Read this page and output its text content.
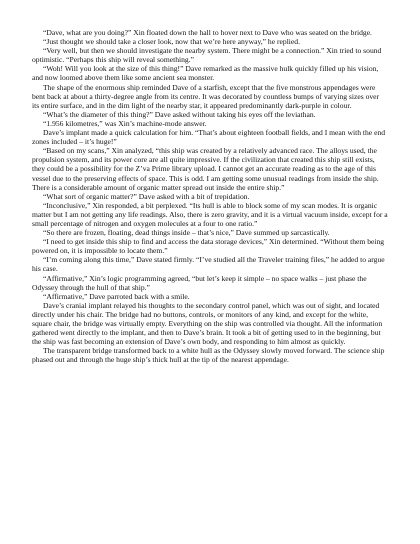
“Dave, what are you doing?” Xin floated down the hall to hover next to Dave who was seated on the bridge.

“Just thought we should take a closer look, now that we’re here anyway,” he replied.

“Very well, but then we should investigate the nearby system. There might be a connection.” Xin tried to sound optimistic. “Perhaps this ship will reveal something.”

“Woh! Will you look at the size of this thing!” Dave remarked as the massive hulk quickly filled up his vision, and now loomed above them like some ancient sea monster.

The shape of the enormous ship reminded Dave of a starfish, except that the five monstrous appendages were bent back at about a thirty-degree angle from its centre. It was decorated by countless bumps of varying sizes over its entire surface, and in the dim light of the nearby star, it appeared predominantly dark-purple in colour.

“What’s the diameter of this thing?” Dave asked without taking his eyes off the leviathan.

“1.956 kilometres,” was Xin’s machine-mode answer.

Dave’s implant made a quick calculation for him. “That’s about eighteen football fields, and I mean with the end zones included – it’s huge!”

“Based on my scans,” Xin analyzed, “this ship was created by a relatively advanced race. The alloys used, the propulsion system, and its power core are all quite impressive. If the civilization that created this ship still exists, they could be a possibility for the Z’va Prime library upload. I cannot get an accurate reading as to the age of this vessel due to the preserving effects of space. This is odd. I am getting some unusual readings from inside the ship. There is a considerable amount of organic matter spread out inside the entire ship.”

“What sort of organic matter?” Dave asked with a bit of trepidation.

“Inconclusive,” Xin responded, a bit perplexed. “Its hull is able to block some of my scan modes. It is organic matter but I am not getting any life readings. Also, there is zero gravity, and it is a virtual vacuum inside, except for a small percentage of nitrogen and oxygen molecules at a four to one ratio.”

“So there are frozen, floating, dead things inside – that’s nice,” Dave summed up sarcastically.

“I need to get inside this ship to find and access the data storage devices,” Xin determined. “Without them being powered on, it is impossible to locate them.”

“I’m coming along this time,” Dave stated firmly. “I’ve studied all the Traveler training files,” he added to argue his case.

“Affirmative,” Xin’s logic programming agreed, “but let’s keep it simple – no space walks – just phase the Odyssey through the hull of that ship.”

“Affirmative,” Dave parroted back with a smile.

Dave’s cranial implant relayed his thoughts to the secondary control panel, which was out of sight, and located directly under his chair. The bridge had no buttons, controls, or monitors of any kind, and except for the white, square chair, the bridge was virtually empty. Everything on the ship was controlled via thought. All the information gathered went directly to the implant, and then to Dave’s brain. It took a bit of getting used to in the beginning, but the ship was fast becoming an extension of Dave’s own body, and responding to him almost as quickly.

The transparent bridge transformed back to a white hull as the Odyssey slowly moved forward. The science ship phased out and through the huge ship’s thick hull at the tip of the nearest appendage.
